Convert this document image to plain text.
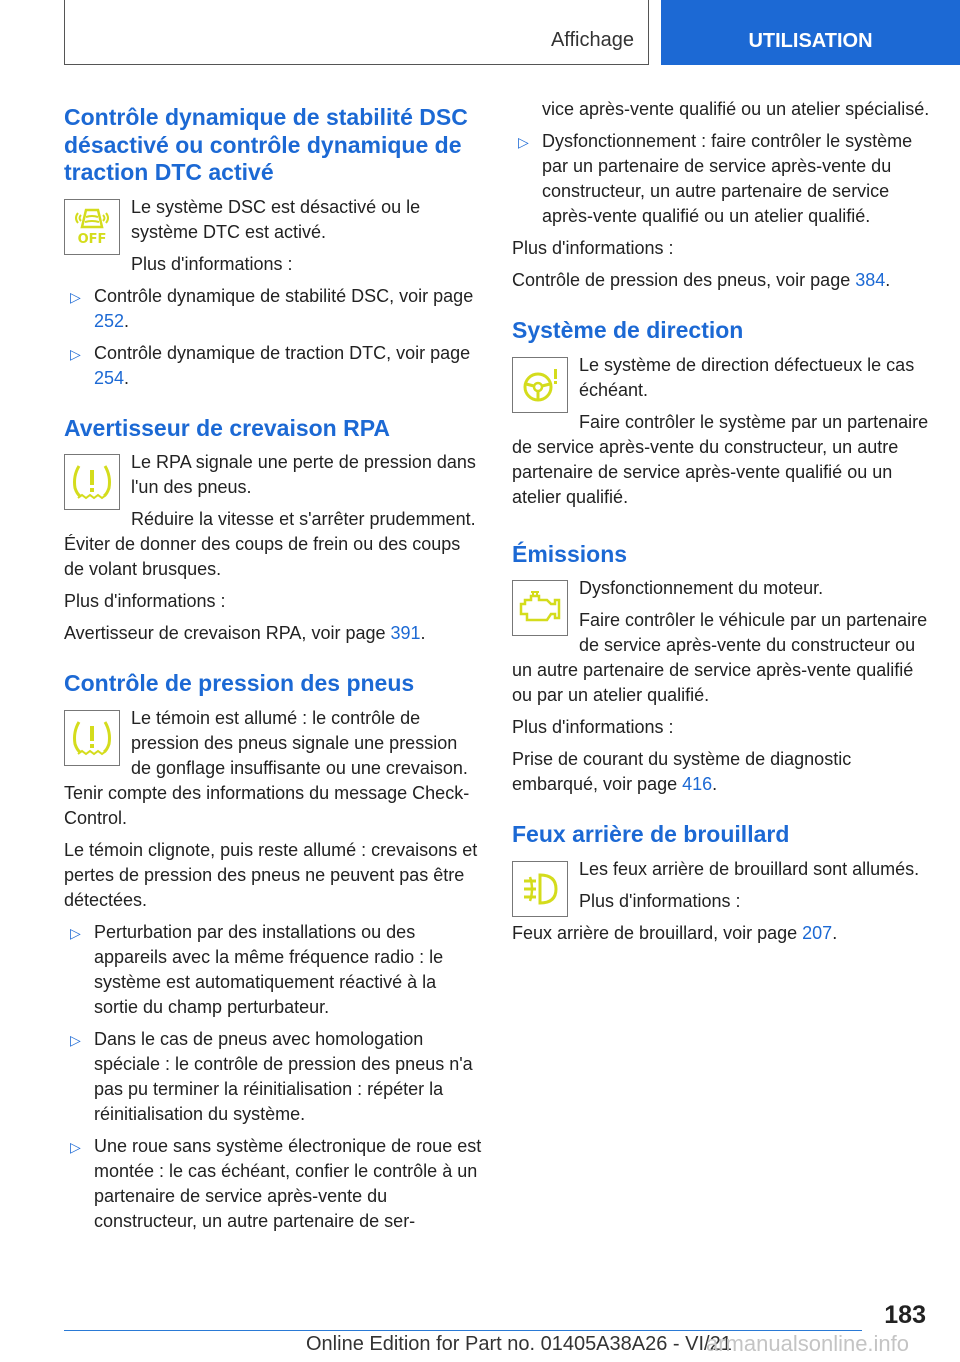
Affichage	UTILISATION
Contrôle dynamique de stabilité DSC désactivé ou contrôle dynamique de traction DTC activé
OFF

Le système DSC est désactivé ou le système DTC est activé.

Plus d'informations :

▷ Contrôle dynamique de stabilité DSC, voir page 252.
▷ Contrôle dynamique de traction DTC, voir page 254.
Avertisseur de crevaison RPA

Le RPA signale une perte de pression dans l'un des pneus.

Réduire la vitesse et s'arrêter prudemment. Éviter de donner des coups de frein ou des coups de volant brusques.

Plus d'informations :

Avertisseur de crevaison RPA, voir page 391.

Contrôle de pression des pneus

Le témoin est allumé : le contrôle de pression des pneus signale une pression de gonflage insuffisante ou une crevaison. Tenir compte des informations du message Check-Control.

Le témoin clignote, puis reste allumé : crevaisons et pertes de pression des pneus ne peuvent pas être détectées.

▷ Perturbation par des installations ou des appareils avec la même fréquence radio : le système est automatiquement réactivé à la sortie du champ perturbateur.
▷ Dans le cas de pneus avec homologation spéciale : le contrôle de pression des pneus n'a pas pu terminer la réinitialisation : répéter la réinitialisation du système.
▷ Une roue sans système électronique de roue est montée : le cas échéant, confier le contrôle à un partenaire de service après-vente du constructeur, un autre partenaire de ser-
vice après-vente qualifié ou un atelier spécialisé.
▷ Dysfonctionnement : faire contrôler le système par un partenaire de service après-vente du constructeur, un autre partenaire de service après-vente qualifié ou un atelier qualifié.

Plus d'informations :

Contrôle de pression des pneus, voir page 384.

Système de direction

Le système de direction défectueux le cas échéant.

Faire contrôler le système par un partenaire de service après-vente du constructeur, un autre partenaire de service après-vente qualifié ou un atelier qualifié.

Émissions

Dysfonctionnement du moteur.

Faire contrôler le véhicule par un partenaire de service après-vente du constructeur ou un autre partenaire de service après-vente qualifié ou par un atelier qualifié.

Plus d'informations :

Prise de courant du système de diagnostic embarqué, voir page 416.

Feux arrière de brouillard

Les feux arrière de brouillard sont allumés.

Plus d'informations :

Feux arrière de brouillard, voir page 207.

183
Online Edition for Part no. 01405A38A26 - VI/21
armanualsonline.info
